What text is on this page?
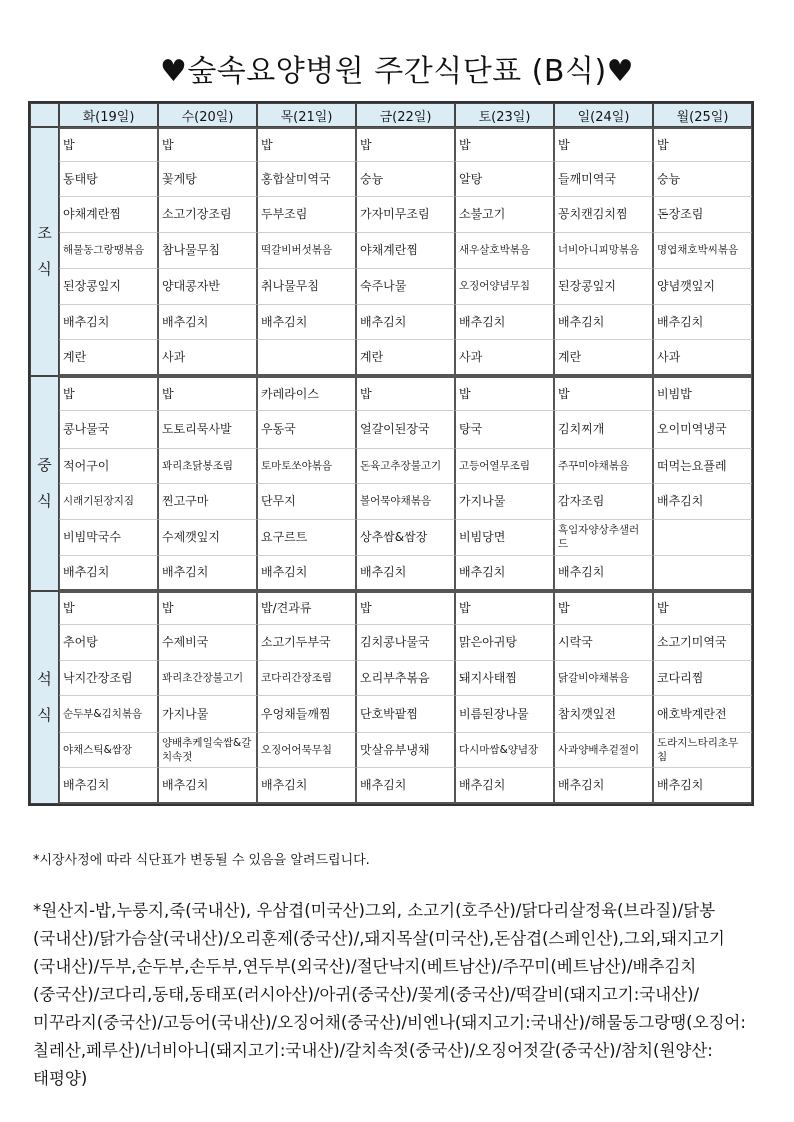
♥숲속요양병원 주간식단표 (B식)♥
	화(19일)	수(20일)	목(21일)	금(22일)	토(23일)	일(24일)	월(25일)
조
식	밥	밥	밥	밥	밥	밥	밥
	동태탕	꽃게탕	홍합살미역국	숭늉	알탕	들깨미역국	숭늉
	야채계란찜	소고기장조림	두부조림	가자미무조림	소불고기	꽁치캔김치찜	돈장조림
	해물동그랑땡볶음	참나물무침	떡갈비버섯볶음	야채계란찜	새우살호박볶음	너비아니피망볶음	명엽채호박씨볶음
	된장콩잎지	양대콩자반	취나물무침	숙주나물	오징어양념무침	된장콩잎지	양념깻잎지
	배추김치	배추김치	배추김치	배추김치	배추김치	배추김치	배추김치
	계란	사과		계란	사과	계란	사과
중
식	밥	밥	카레라이스	밥	밥	밥	비빔밥
	콩나물국	도토리묵사발	우동국	얼갈이된장국	탕국	김치찌개	오이미역냉국
	적어구이	꽈리초닭봉조림	토마토쏘야볶음	돈육고추장불고기	고등어열무조림	주꾸미야채볶음	떠먹는요플레
	시래기된장지짐	찐고구마	단무지	볼어묵야채볶음	가지나물	감자조림	배추김치
	비빔막국수	수제깻잎지	요구르트	상추쌈&쌈장	비빔당면	흑임자양상추샐러드	
	배추김치	배추김치	배추김치	배추김치	배추김치	배추김치	
석
식	밥	밥	밥/견과류	밥	밥	밥	밥
	추어탕	수제비국	소고기두부국	김치콩나물국	맑은아귀탕	시락국	소고기미역국
	낙지간장조림	꽈리초간장불고기	코다리간장조림	오리부추볶음	돼지사태찜	닭갈비야채볶음	코다리찜
	순두부&김치볶음	가지나물	우엉채들깨찜	단호박팥찜	비름된장나물	참치깻잎전	애호박계란전
	야채스틱&쌈장	양배추케일숙쌈&갈치속젓	오징어어묵무침	맛살유부냉채	다시마쌈&양념장	사과양배추겉절이	도라지느타리초무침
	배추김치	배추김치	배추김치	배추김치	배추김치	배추김치	배추김치
*시장사정에 따라 식단표가 변동될 수 있음을 알려드립니다.
*원산지-밥,누룽지,죽(국내산), 우삼겹(미국산)그외, 소고기(호주산)/닭다리살정육(브라질)/닭봉(국내산)/닭가슴살(국내산)/오리훈제(중국산)/,돼지목살(미국산),돈삼겹(스페인산),그외,돼지고기(국내산)/두부,순두부,손두부,연두부(외국산)/절단낙지(베트남산)/주꾸미(베트남산)/배추김치(중국산)/코다리,동태,동태포(러시아산)/아귀(중국산)/꽃게(중국산)/떡갈비(돼지고기:국내산)/미꾸라지(중국산)/고등어(국내산)/오징어채(중국산)/비엔나(돼지고기:국내산)/해물동그랑땡(오징어:칠레산,페루산)/너비아니(돼지고기:국내산)/갈치속젓(중국산)/오징어젓갈(중국산)/참치(원양산:태평양)
